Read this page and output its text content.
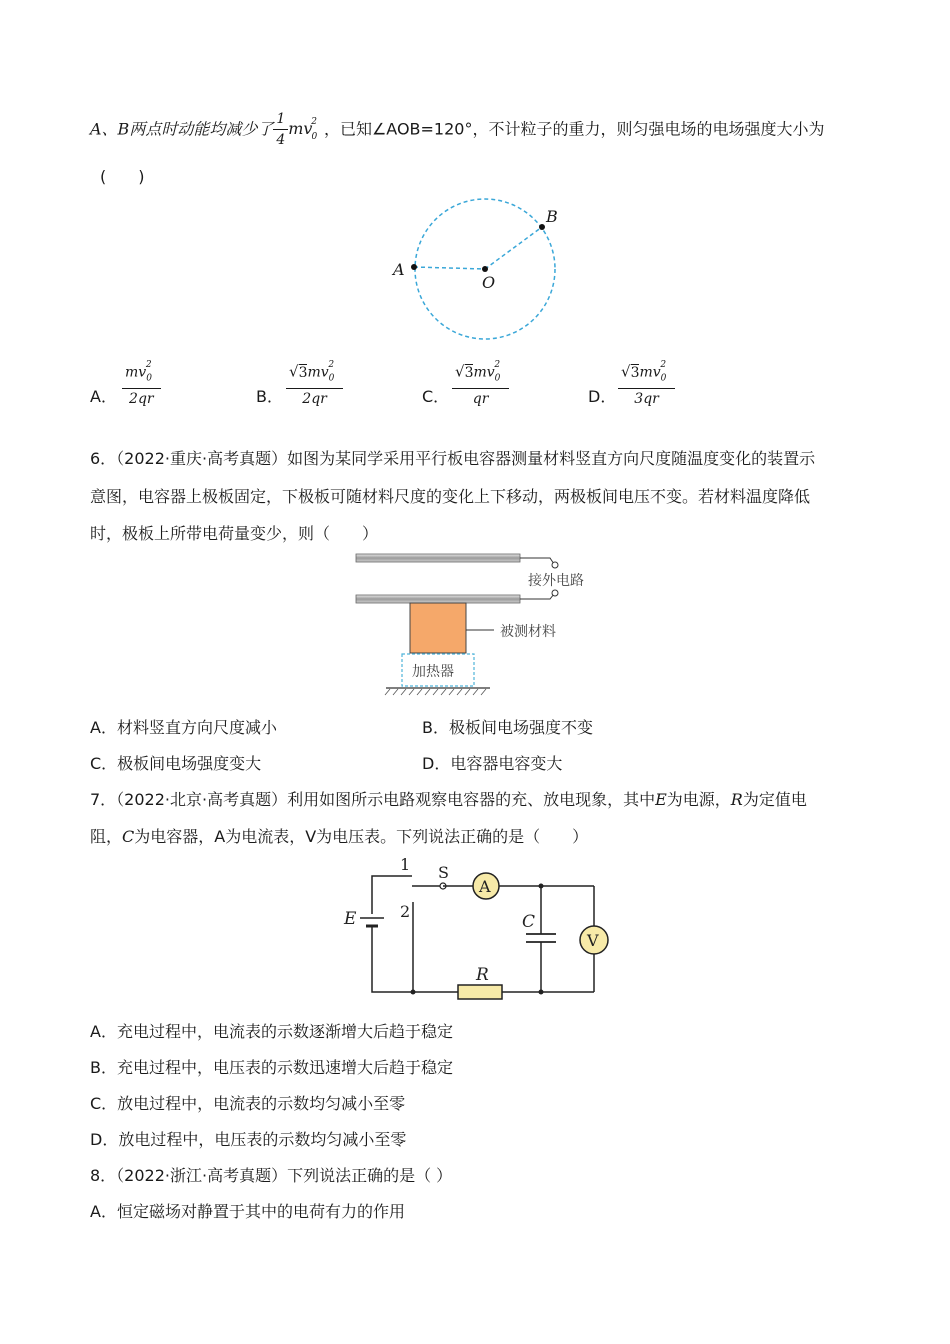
A、B两点时动能均减少了 $\frac{1}{4} mv_0^2$ ，已知∠AOB=120°，不计粒子的重力，则匀强电场的电场强度大小为
(　　)
A
B
O
A． $\frac{mv_0^2}{2qr}$	B． $\frac{√3mv_0^2}{2qr}$	C． $\frac{√3mv_0^2}{qr}$	D． $\frac{√3mv_0^2}{3qr}$
6．（2022·重庆·高考真题）如图为某同学采用平行板电容器测量材料竖直方向尺度随温度变化的装置示
意图，电容器上极板固定，下极板可随材料尺度的变化上下移动，两极板间电压不变。若材料温度降低
时，极板上所带电荷量变少，则（　　）
接外电路
被测材料
加热器
A．材料竖直方向尺度减小	B．极板间电场强度不变
C．极板间电场强度变大	D．电容器电容变大
7．（2022·北京·高考真题）利用如图所示电路观察电容器的充、放电现象，其中E为电源，R为定值电
阻，C为电容器，A为电流表，V为电压表。下列说法正确的是（　　）
A
C
V
R
1
2
S
E
A．充电过程中，电流表的示数逐渐增大后趋于稳定
B．充电过程中，电压表的示数迅速增大后趋于稳定
C．放电过程中，电流表的示数均匀减小至零
D．放电过程中，电压表的示数均匀减小至零
8．（2022·浙江·高考真题）下列说法正确的是（ ）
A．恒定磁场对静置于其中的电荷有力的作用
